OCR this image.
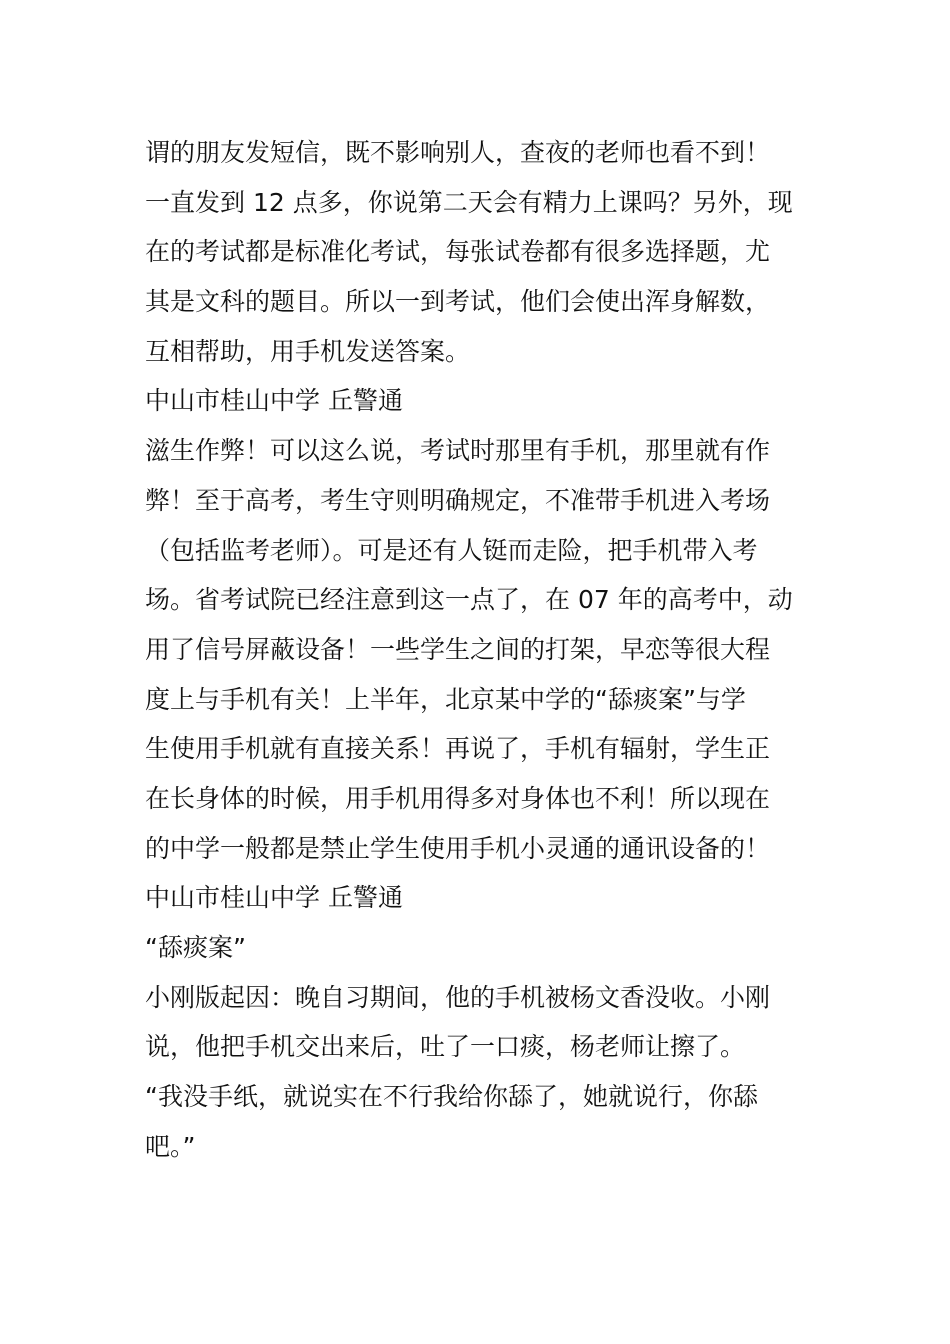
谓的朋友发短信，既不影响别人，查夜的老师也看不到！
一直发到 12 点多，你说第二天会有精力上课吗？另外，现
在的考试都是标准化考试，每张试卷都有很多选择题，尤
其是文科的题目。所以一到考试，他们会使出浑身解数，
互相帮助，用手机发送答案。
中山市桂山中学 丘警通
滋生作弊！可以这么说，考试时那里有手机，那里就有作
弊！至于高考，考生守则明确规定，不准带手机进入考场
（包括监考老师）。可是还有人铤而走险，把手机带入考
场。省考试院已经注意到这一点了，在 07 年的高考中，动
用了信号屏蔽设备！一些学生之间的打架，早恋等很大程
度上与手机有关！上半年，北京某中学的“舔痰案”与学
生使用手机就有直接关系！再说了，手机有辐射，学生正
在长身体的时候，用手机用得多对身体也不利！所以现在
的中学一般都是禁止学生使用手机小灵通的通讯设备的！
中山市桂山中学 丘警通
“舔痰案”
小刚版起因：晚自习期间，他的手机被杨文香没收。小刚
说，他把手机交出来后，吐了一口痰，杨老师让擦了。
“我没手纸，就说实在不行我给你舔了，她就说行，你舔
吧。”
